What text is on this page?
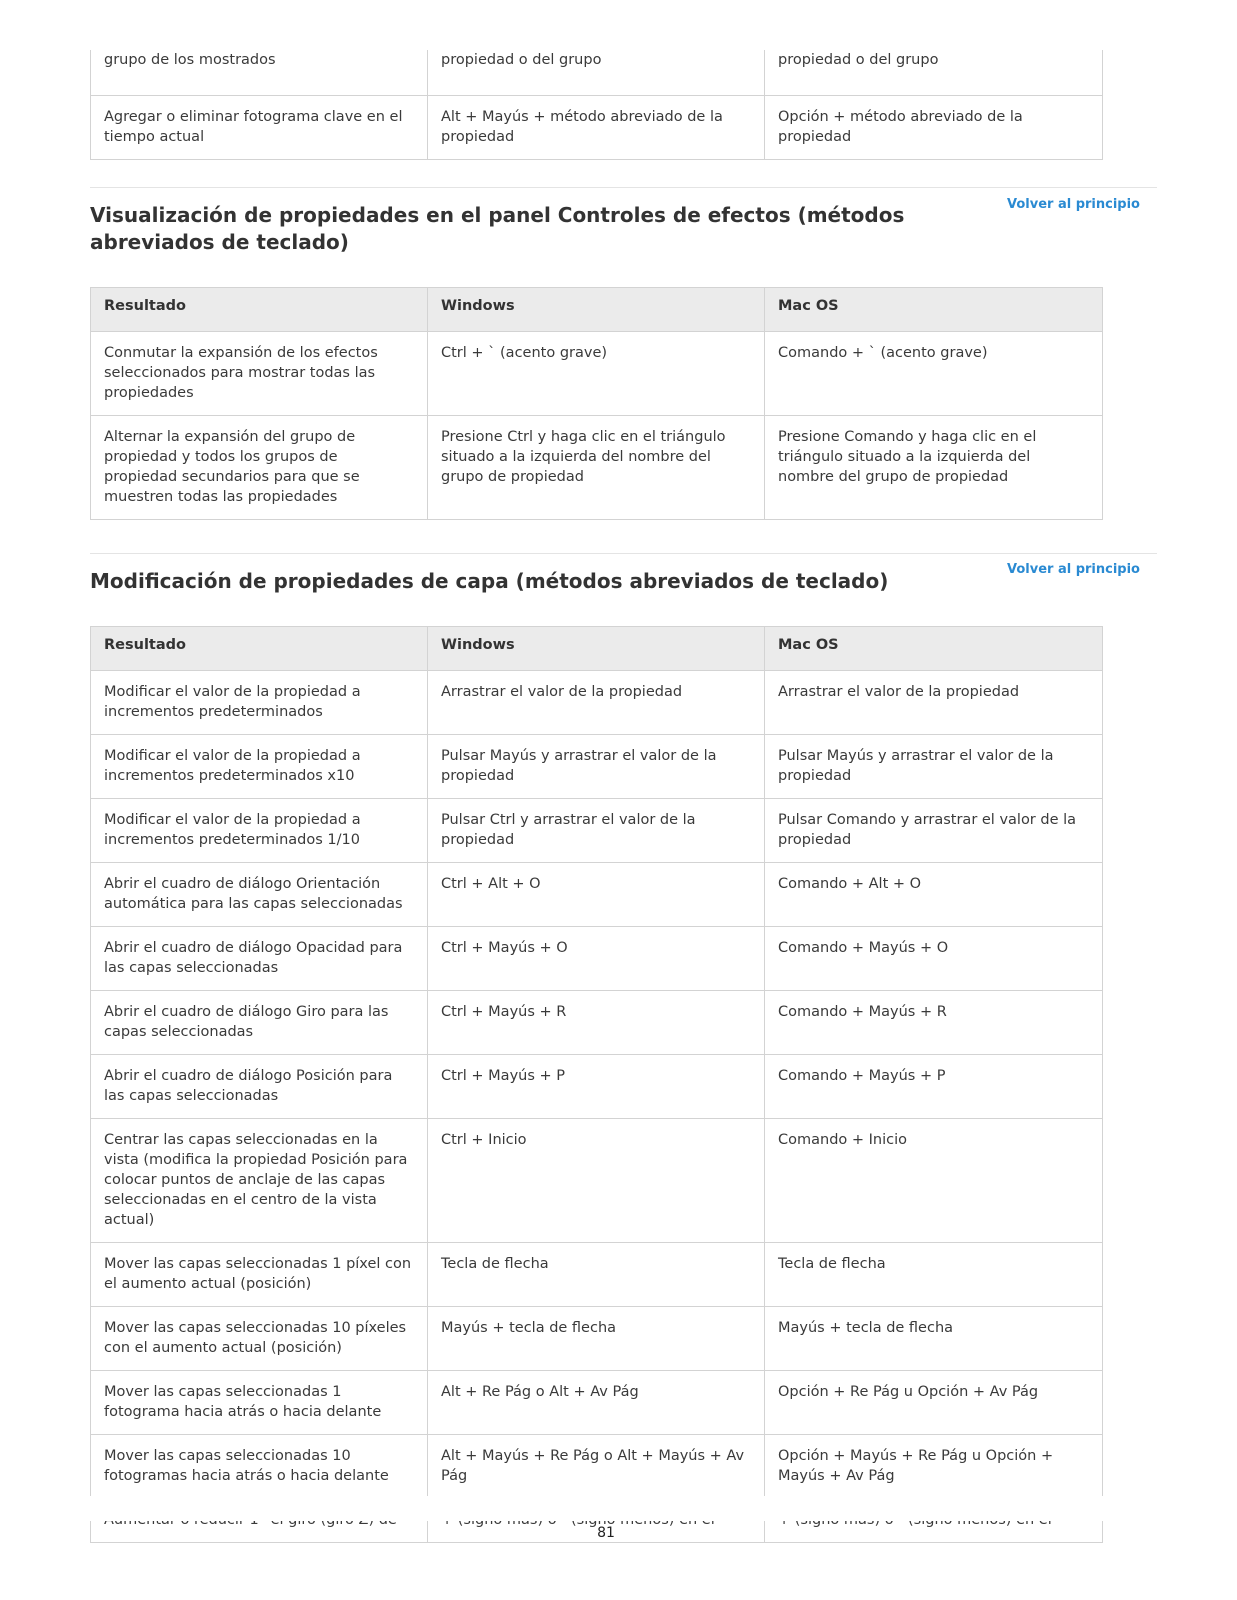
grupo de los mostrados	propiedad o del grupo	propiedad o del grupo
Agregar o eliminar fotograma clave en el tiempo actual	Alt + Mayús + método abreviado de la propiedad	Opción + método abreviado de la propiedad
Volver al principio
Visualización de propiedades en el panel Controles de efectos (métodos abreviados de teclado)
Resultado	Windows	Mac OS
Conmutar la expansión de los efectos seleccionados para mostrar todas las propiedades	Ctrl + ` (acento grave)	Comando + ` (acento grave)
Alternar la expansión del grupo de propiedad y todos los grupos de propiedad secundarios para que se muestren todas las propiedades	Presione Ctrl y haga clic en el triángulo situado a la izquierda del nombre del grupo de propiedad	Presione Comando y haga clic en el triángulo situado a la izquierda del nombre del grupo de propiedad
Volver al principio
Modificación de propiedades de capa (métodos abreviados de teclado)
Resultado	Windows	Mac OS
Modificar el valor de la propiedad a incrementos predeterminados	Arrastrar el valor de la propiedad	Arrastrar el valor de la propiedad
Modificar el valor de la propiedad a incrementos predeterminados x10	Pulsar Mayús y arrastrar el valor de la propiedad	Pulsar Mayús y arrastrar el valor de la propiedad
Modificar el valor de la propiedad a incrementos predeterminados 1/10	Pulsar Ctrl y arrastrar el valor de la propiedad	Pulsar Comando y arrastrar el valor de la propiedad
Abrir el cuadro de diálogo Orientación automática para las capas seleccionadas	Ctrl + Alt + O	Comando + Alt + O
Abrir el cuadro de diálogo Opacidad para las capas seleccionadas	Ctrl + Mayús + O	Comando + Mayús + O
Abrir el cuadro de diálogo Giro para las capas seleccionadas	Ctrl + Mayús + R	Comando + Mayús + R
Abrir el cuadro de diálogo Posición para las capas seleccionadas	Ctrl + Mayús + P	Comando + Mayús + P
Centrar las capas seleccionadas en la vista (modifica la propiedad Posición para colocar puntos de anclaje de las capas seleccionadas en el centro de la vista actual)	Ctrl + Inicio	Comando + Inicio
Mover las capas seleccionadas 1 píxel con el aumento actual (posición)	Tecla de flecha	Tecla de flecha
Mover las capas seleccionadas 10 píxeles con el aumento actual (posición)	Mayús + tecla de flecha	Mayús + tecla de flecha
Mover las capas seleccionadas 1 fotograma hacia atrás o hacia delante	Alt + Re Pág o Alt + Av Pág	Opción + Re Pág u Opción + Av Pág
Mover las capas seleccionadas 10 fotogramas hacia atrás o hacia delante	Alt + Mayús + Re Pág o Alt + Mayús + Av Pág	Opción + Mayús + Re Pág u Opción + Mayús + Av Pág

81
